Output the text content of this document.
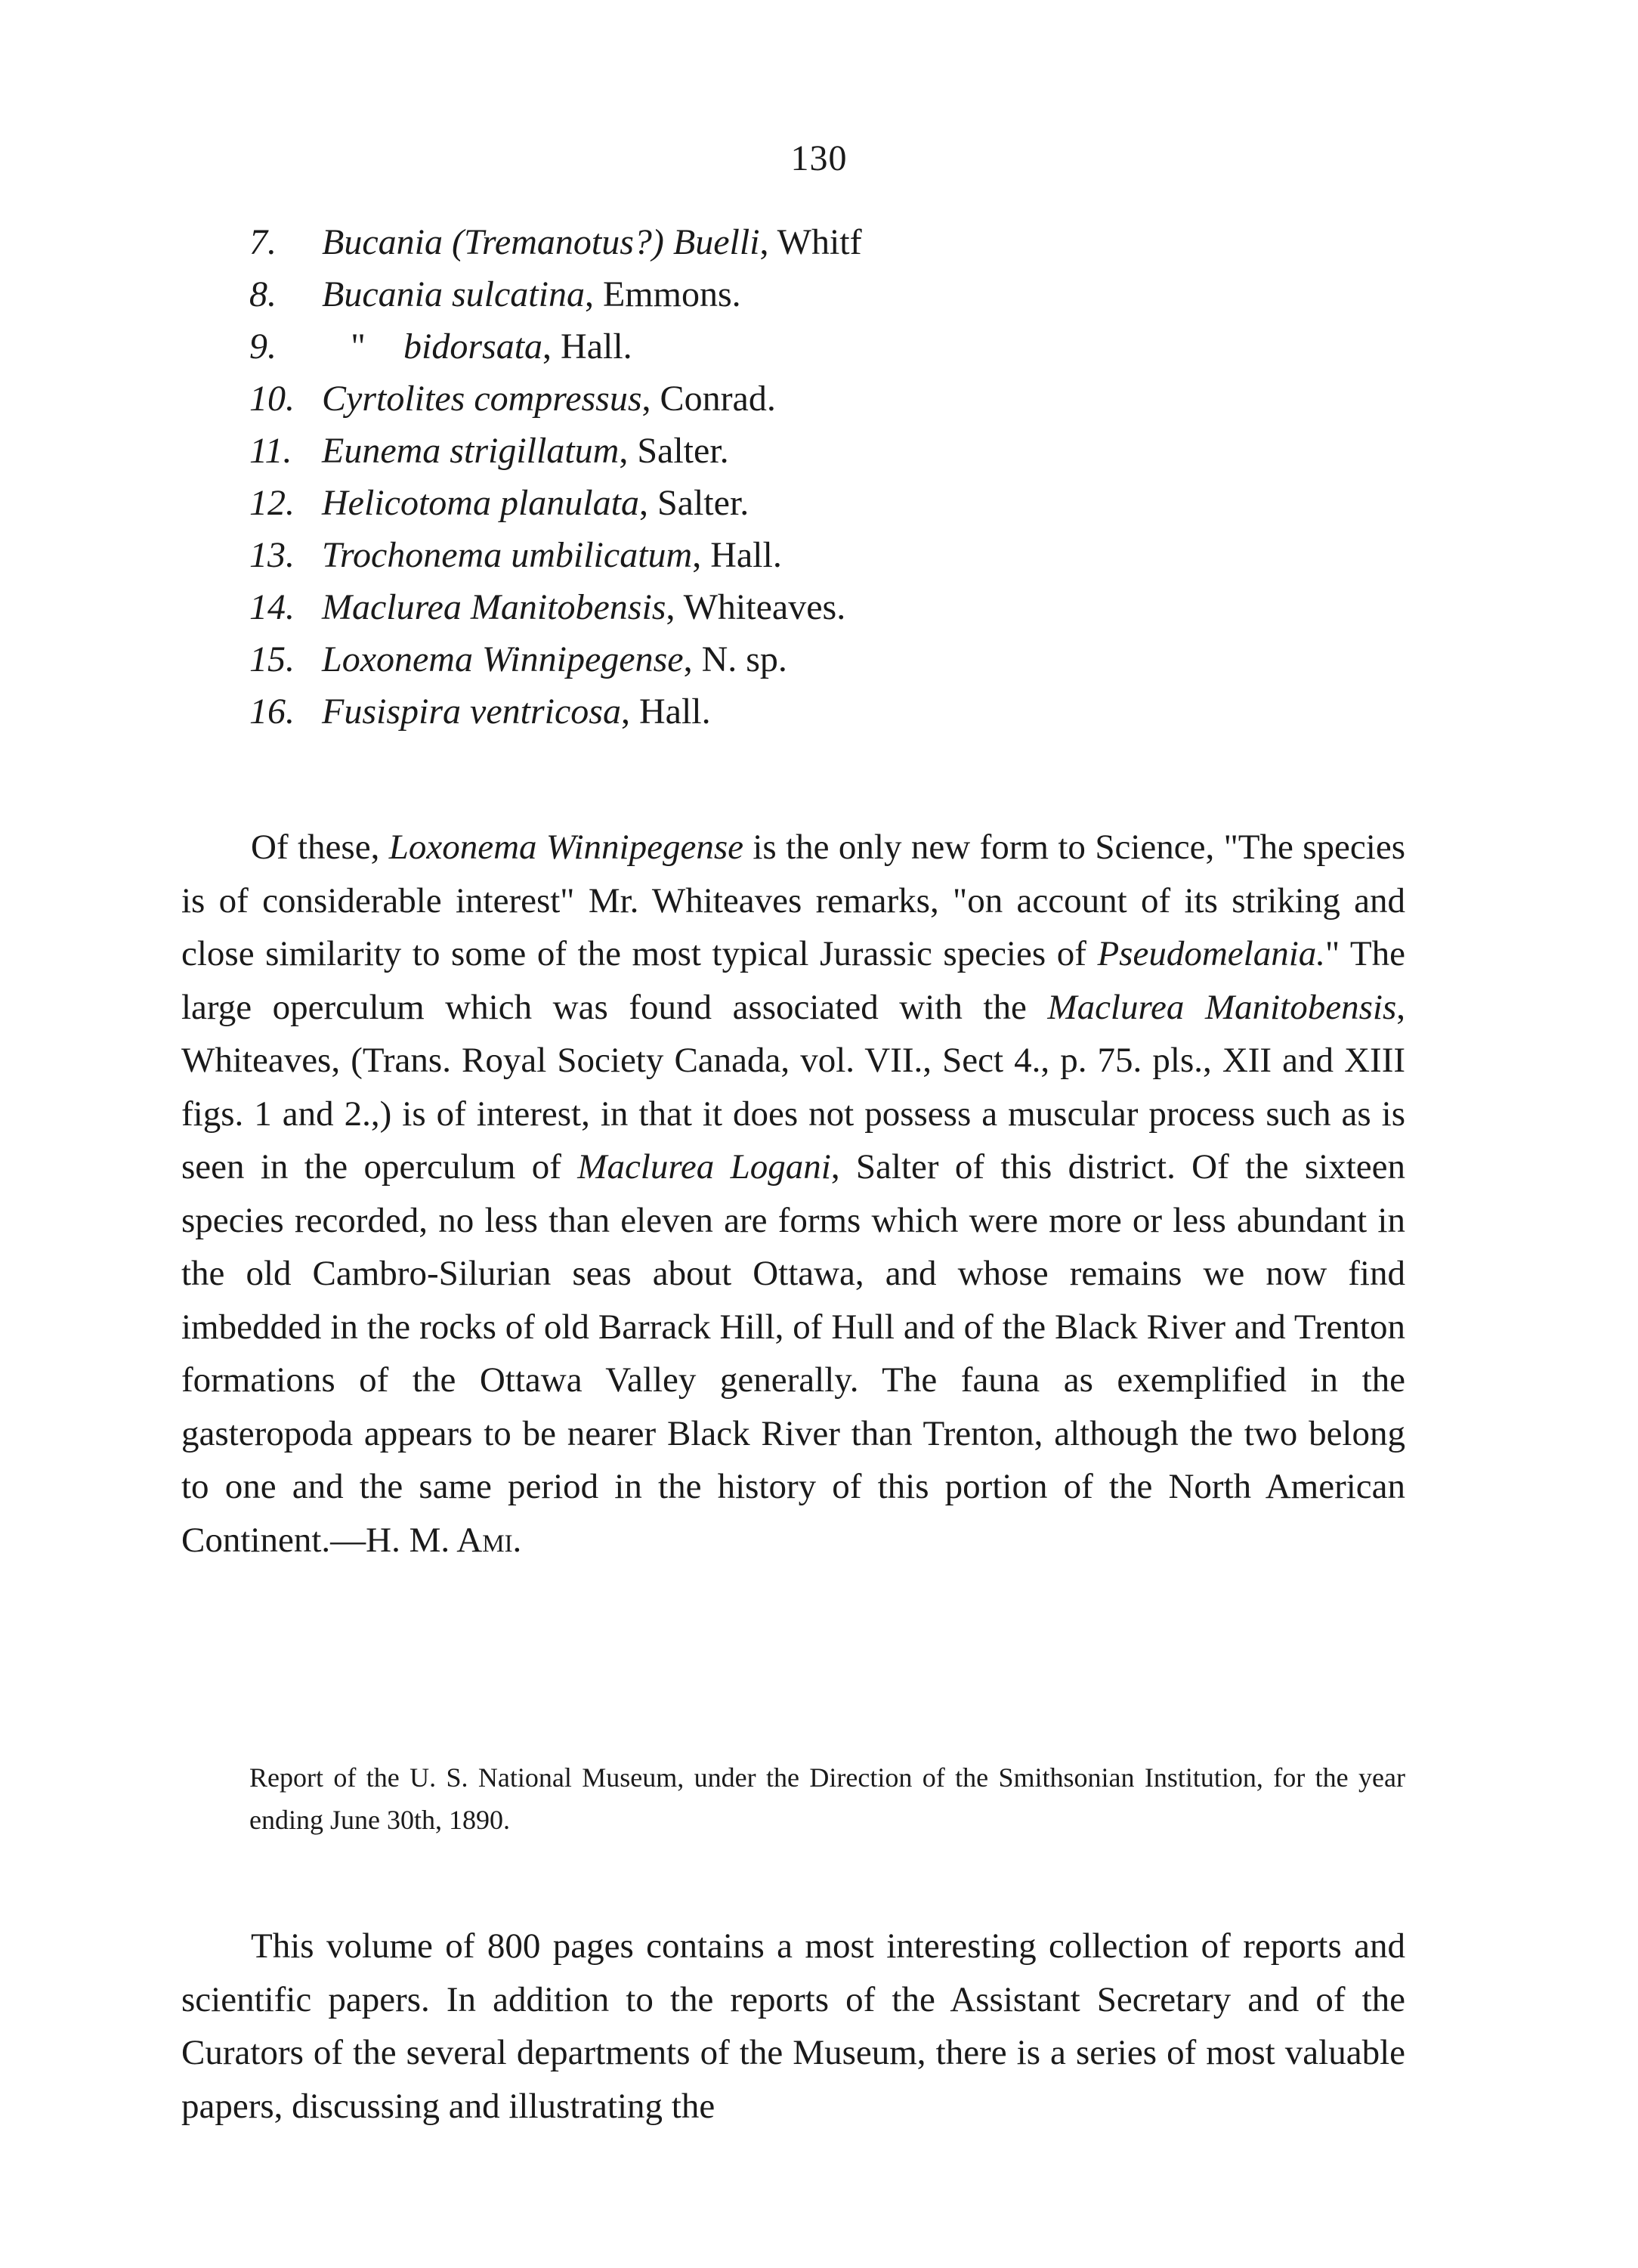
130
7. Bucania (Tremanotus?) Buelli, Whitf
8. Bucania sulcatina, Emmons.
9. " bidorsata, Hall.
10. Cyrtolites compressus, Conrad.
11. Eunema strigillatum, Salter.
12. Helicotoma planulata, Salter.
13. Trochonema umbilicatum, Hall.
14. Maclurea Manitobensis, Whiteaves.
15. Loxonema Winnipegense, N. sp.
16. Fusispira ventricosa, Hall.

Of these, Loxonema Winnipegense is the only new form to Science, "The species is of considerable interest" Mr. Whiteaves remarks, "on account of its striking and close similarity to some of the most typical Jurassic species of Pseudomelania." The large operculum which was found associated with the Maclurea Manitobensis, Whiteaves, (Trans. Royal Society Canada, vol. VII., Sect 4., p. 75. pls., XII and XIII figs. 1 and 2.,) is of interest, in that it does not possess a muscular process such as is seen in the operculum of Maclurea Logani, Salter of this district. Of the sixteen species recorded, no less than eleven are forms which were more or less abundant in the old Cambro-Silurian seas about Ottawa, and whose remains we now find imbedded in the rocks of old Barrack Hill, of Hull and of the Black River and Trenton formations of the Ottawa Valley generally. The fauna as exemplified in the gasteropoda appears to be nearer Black River than Trenton, although the two belong to one and the same period in the history of this portion of the North American Continent.—H. M. Ami.

Report of the U. S. National Museum, under the Direction of the Smithsonian Institution, for the year ending June 30th, 1890.

This volume of 800 pages contains a most interesting collection of reports and scientific papers. In addition to the reports of the Assistant Secretary and of the Curators of the several departments of the Museum, there is a series of most valuable papers, discussing and illustrating the
